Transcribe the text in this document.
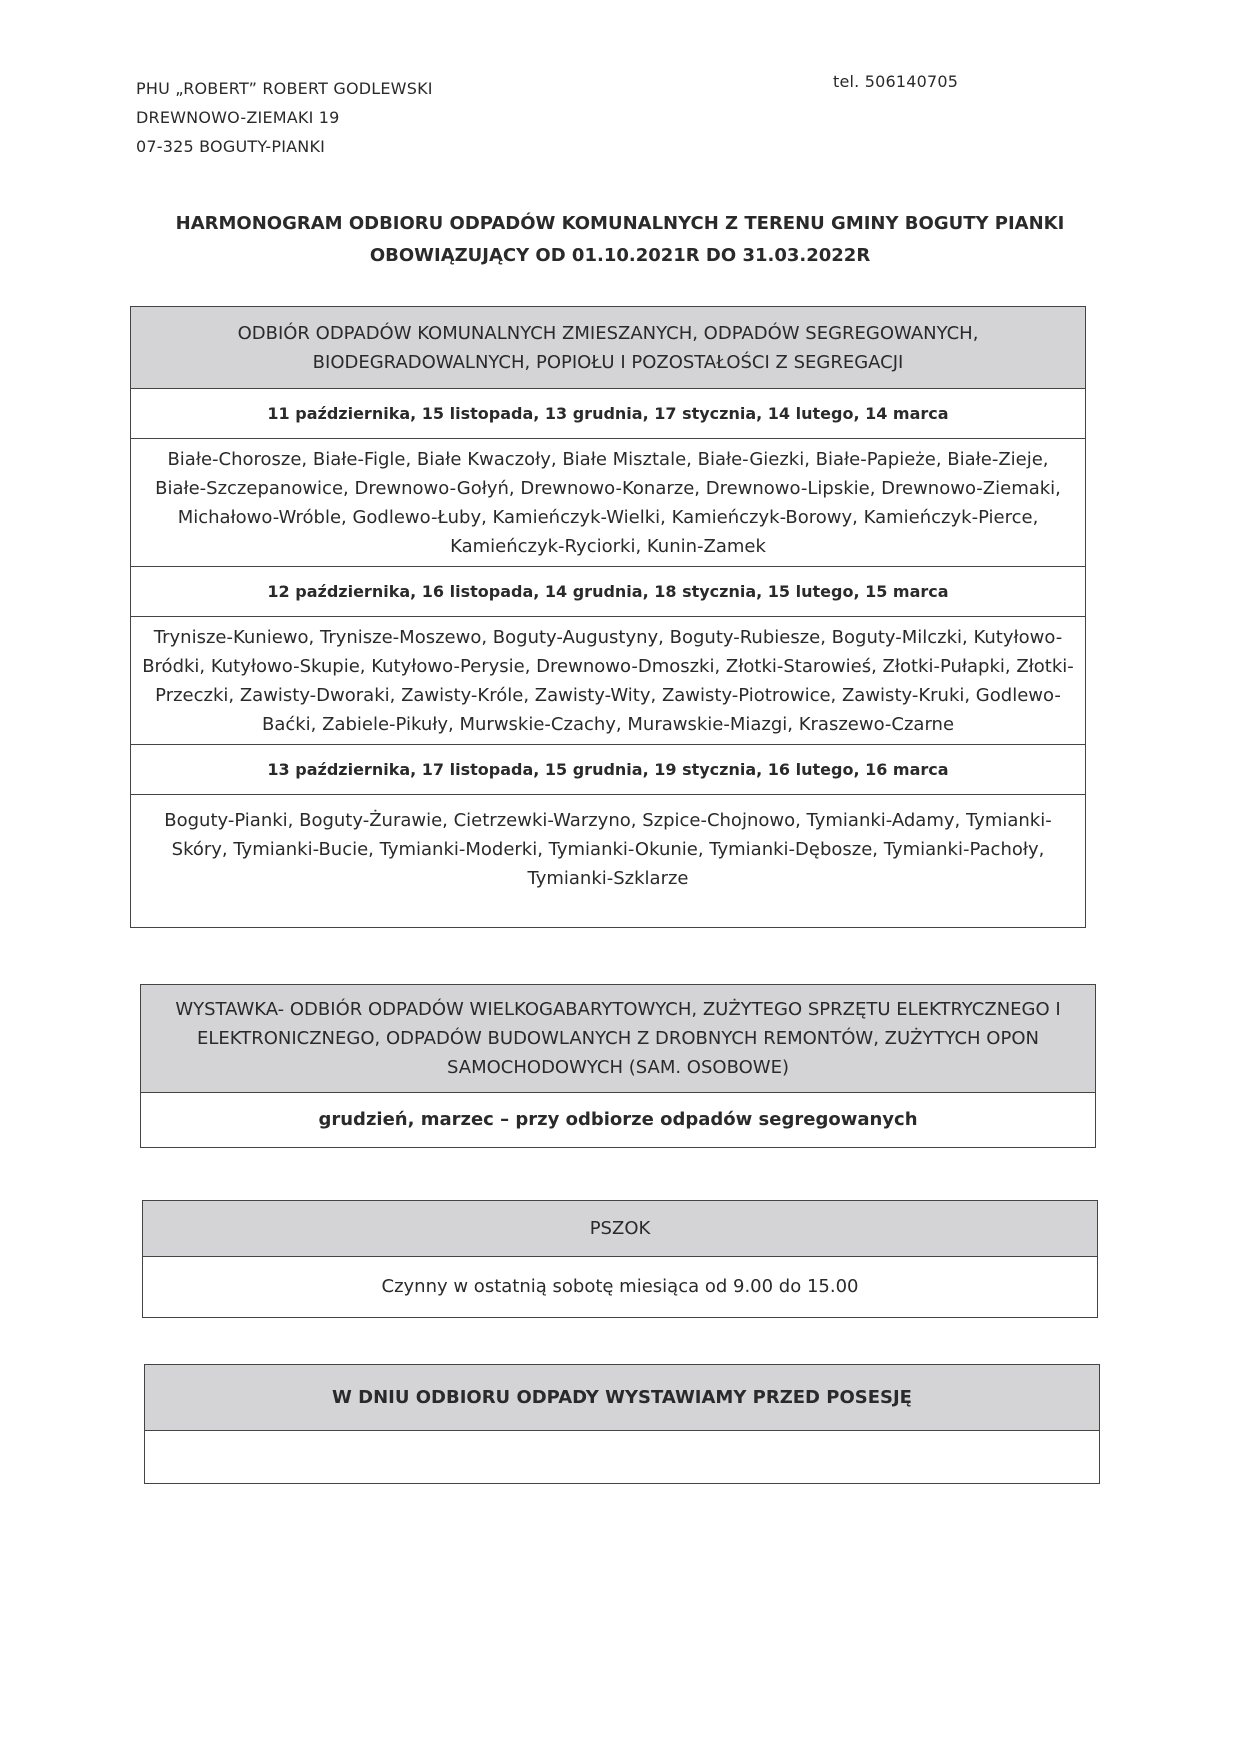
PHU „ROBERT” ROBERT GODLEWSKI
DREWNOWO-ZIEMAKI 19
07-325 BOGUTY-PIANKI
tel. 506140705
HARMONOGRAM ODBIORU ODPADÓW KOMUNALNYCH Z TERENU GMINY BOGUTY PIANKI
OBOWIĄZUJĄCY OD 01.10.2021R DO 31.03.2022R
ODBIÓR ODPADÓW KOMUNALNYCH ZMIESZANYCH, ODPADÓW SEGREGOWANYCH,
BIODEGRADOWALNYCH, POPIOŁU I POZOSTAŁOŚCI Z SEGREGACJI
11 października, 15 listopada, 13 grudnia, 17 stycznia, 14 lutego, 14 marca
Białe-Chorosze, Białe-Figle, Białe Kwaczoły, Białe Misztale, Białe-Giezki, Białe-Papieże, Białe-Zieje, Białe-Szczepanowice, Drewnowo-Gołyń, Drewnowo-Konarze, Drewnowo-Lipskie, Drewnowo-Ziemaki, Michałowo-Wróble, Godlewo-Łuby, Kamieńczyk-Wielki, Kamieńczyk-Borowy, Kamieńczyk-Pierce, Kamieńczyk-Ryciorki, Kunin-Zamek
12 października, 16 listopada, 14 grudnia, 18 stycznia, 15 lutego, 15 marca
Trynisze-Kuniewo, Trynisze-Moszewo, Boguty-Augustyny, Boguty-Rubiesze, Boguty-Milczki, Kutyłowo-Bródki, Kutyłowo-Skupie, Kutyłowo-Perysie, Drewnowo-Dmoszki, Złotki-Starowieś, Złotki-Pułapki, Złotki-Przeczki, Zawisty-Dworaki, Zawisty-Króle, Zawisty-Wity, Zawisty-Piotrowice, Zawisty-Kruki, Godlewo-Baćki, Zabiele-Pikuły, Murwskie-Czachy, Murawskie-Miazgi, Kraszewo-Czarne
13 października, 17 listopada, 15 grudnia, 19 stycznia, 16 lutego, 16 marca
Boguty-Pianki, Boguty-Żurawie, Cietrzewki-Warzyno, Szpice-Chojnowo, Tymianki-Adamy, Tymianki-Skóry, Tymianki-Bucie, Tymianki-Moderki, Tymianki-Okunie, Tymianki-Dębosze, Tymianki-Pachoły, Tymianki-Szklarze
WYSTAWKA- ODBIÓR ODPADÓW WIELKOGABARYTOWYCH, ZUŻYTEGO SPRZĘTU ELEKTRYCZNEGO I
ELEKTRONICZNEGO, ODPADÓW BUDOWLANYCH Z DROBNYCH REMONTÓW, ZUŻYTYCH OPON
SAMOCHODOWYCH (SAM. OSOBOWE)
grudzień, marzec – przy odbiorze odpadów segregowanych
PSZOK
Czynny w ostatnią sobotę miesiąca od 9.00 do 15.00
W DNIU ODBIORU ODPADY WYSTAWIAMY PRZED POSESJĘ
